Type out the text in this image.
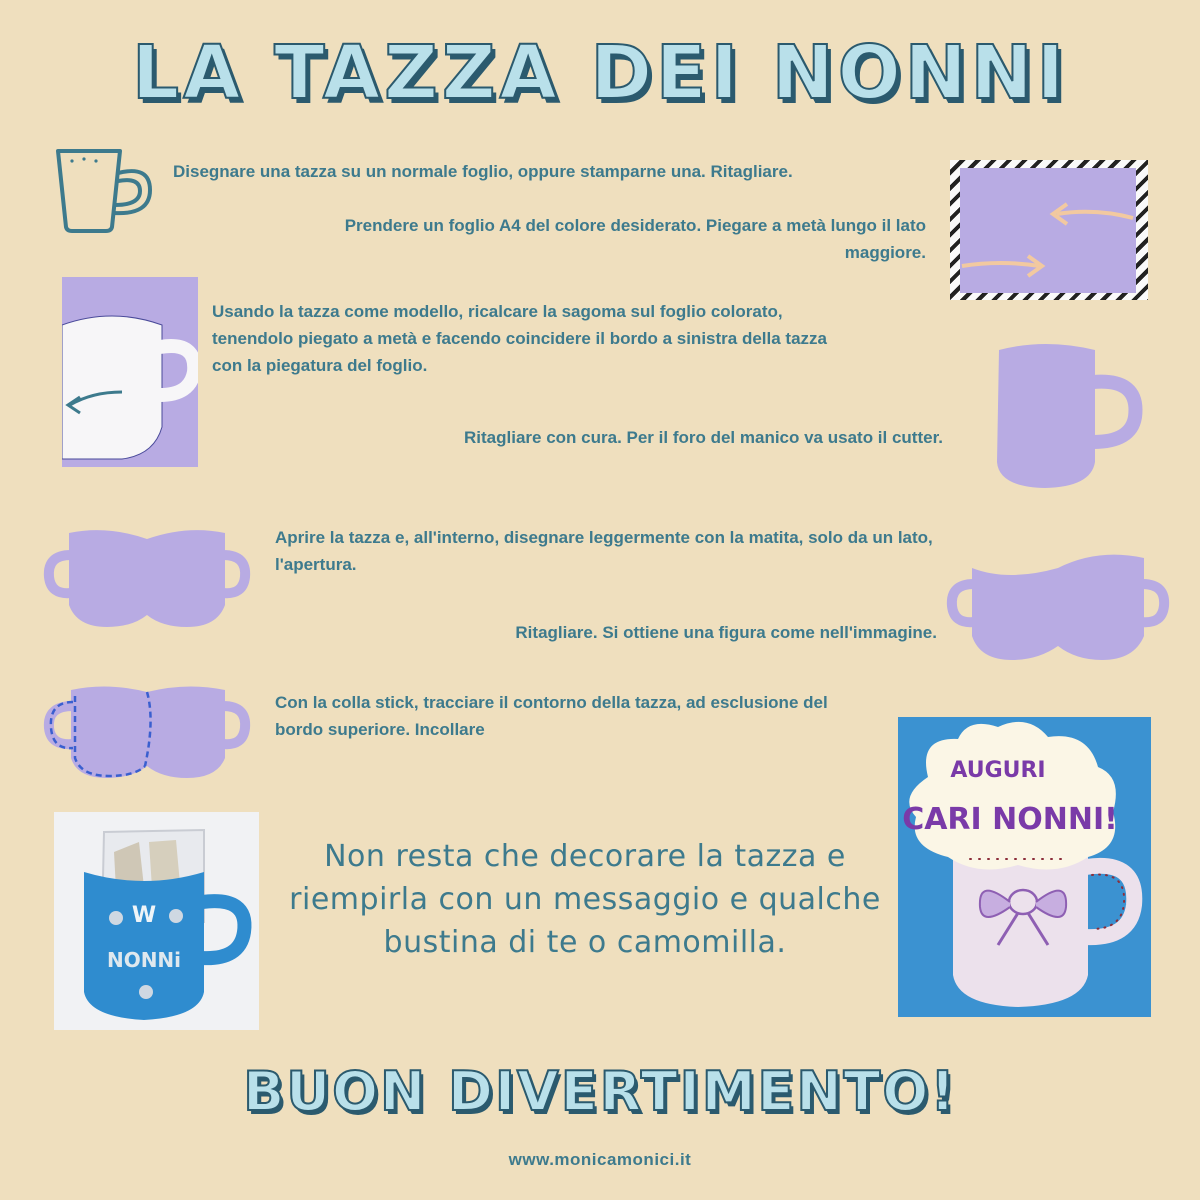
LA TAZZA DEI NONNI
Disegnare una tazza su un normale foglio, oppure stamparne una. Ritagliare.
Prendere un foglio A4 del colore desiderato. Piegare a metà lungo il lato maggiore.
Usando la tazza come modello, ricalcare la sagoma sul foglio colorato, tenendolo piegato a metà e facendo coincidere il bordo a sinistra della tazza con la piegatura del foglio.
Ritagliare con cura. Per il foro del manico va usato il cutter.
Aprire la tazza e, all'interno, disegnare leggermente con la matita, solo da un lato, l'apertura.
Ritagliare. Si ottiene una figura come nell'immagine.
Con la colla stick, tracciare il contorno della tazza, ad esclusione del bordo superiore. Incollare
NONNi
W
Non resta che decorare la tazza e riempirla con un messaggio e qualche bustina di te o camomilla.
AUGURI
CARI NONNI!
BUON DIVERTIMENTO!
www.monicamonici.it
